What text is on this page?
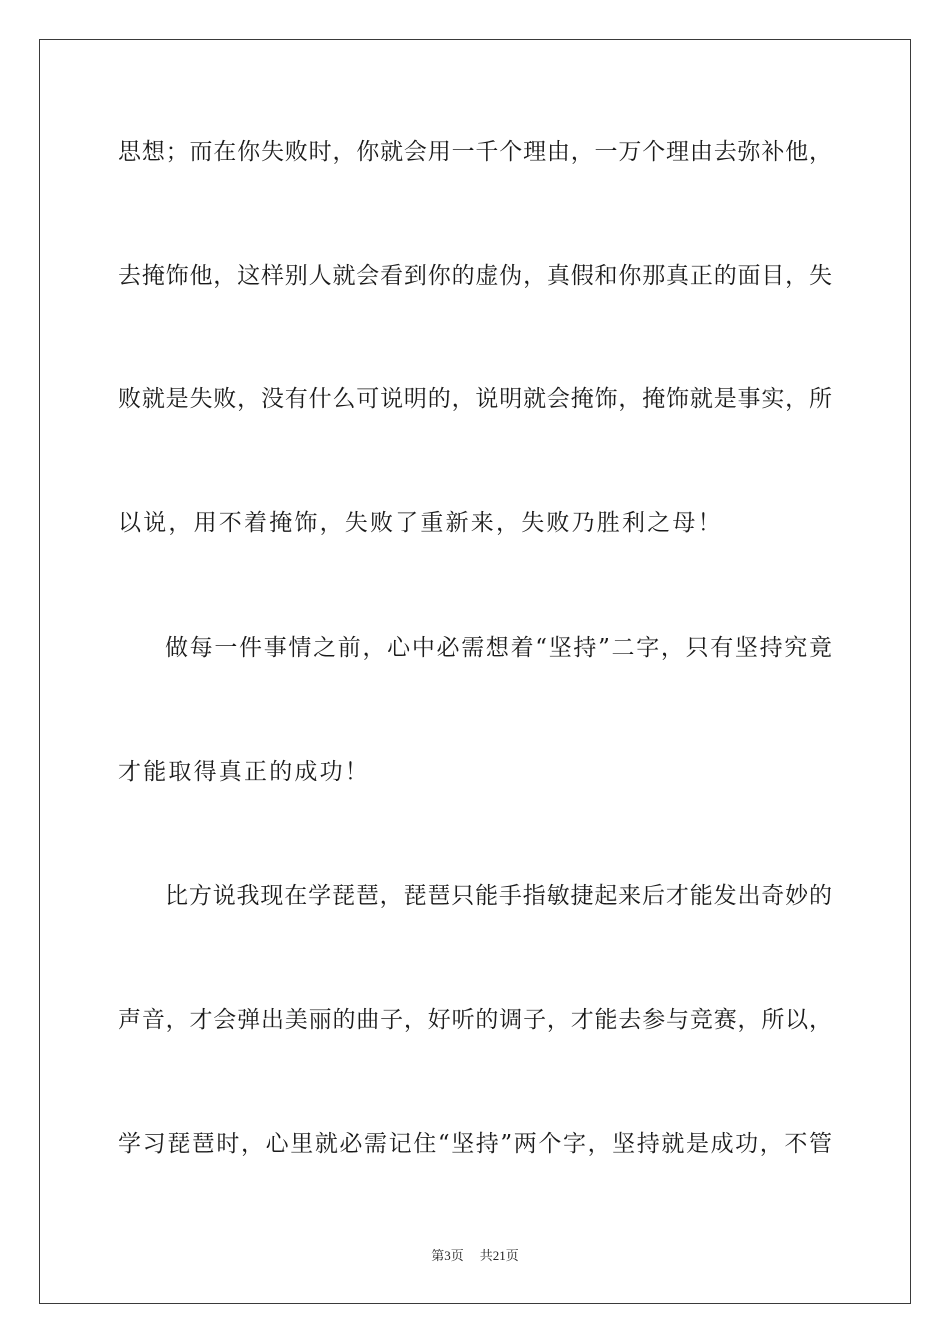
思想；而在你失败时，你就会用一千个理由，一万个理由去弥补他，
去掩饰他，这样别人就会看到你的虚伪，真假和你那真正的面目，失
败就是失败，没有什么可说明的，说明就会掩饰，掩饰就是事实，所
以说，用不着掩饰，失败了重新来，失败乃胜利之母！
做每一件事情之前，心中必需想着“坚持”二字，只有坚持究竟
才能取得真正的成功！
比方说我现在学琵琶，琵琶只能手指敏捷起来后才能发出奇妙的
声音，才会弹出美丽的曲子，好听的调子，才能去参与竞赛，所以，
学习琵琶时，心里就必需记住“坚持”两个字，坚持就是成功，不管
第3页 共21页
